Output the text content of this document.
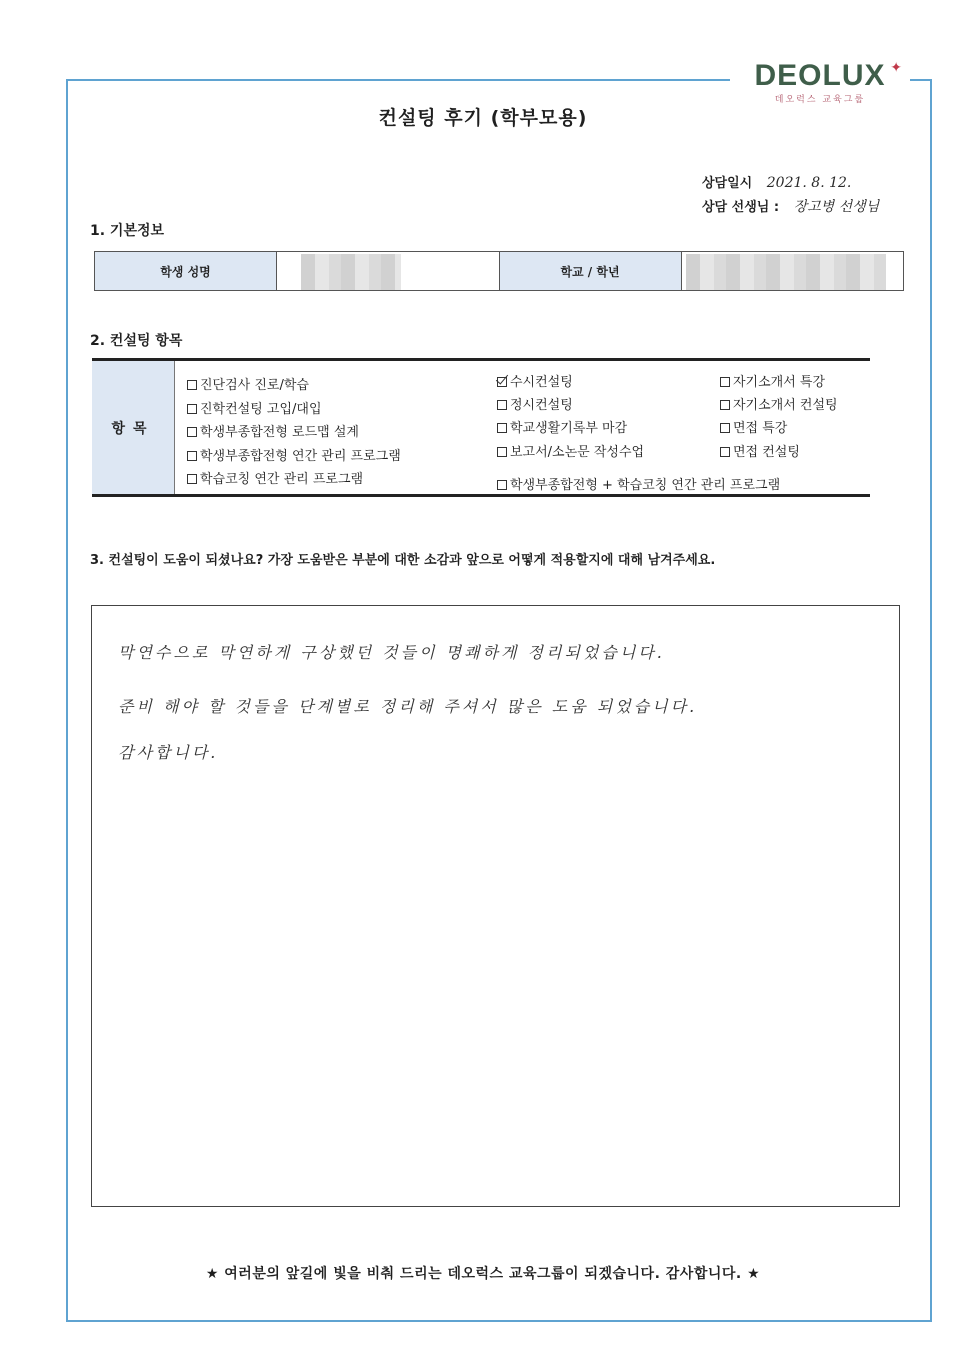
DEOLUX ✦
데오럭스 교육그룹
컨설팅 후기 (학부모용)
상담일시 2021. 8. 12.
상담 선생님 : 장고병 선생님
1. 기본정보
학생 성명	학교 / 학년
2. 컨설팅 항목
항목
진단검사 진로/학습
진학컨설팅 고입/대입
학생부종합전형 로드맵 설계
학생부종합전형 연간 관리 프로그램
학습코칭 연간 관리 프로그램
수시컨설팅
정시컨설팅
학교생활기록부 마감
보고서/소논문 작성수업
학생부종합전형 + 학습코칭 연간 관리 프로그램
자기소개서 특강
자기소개서 컨설팅
면접 특강
면접 컨설팅
3. 컨설팅이 도움이 되셨나요? 가장 도움받은 부분에 대한 소감과 앞으로 어떻게 적용할지에 대해 남겨주세요.
막연수으로 막연하게 구상했던 것들이 명쾌하게 정리되었습니다.
준비 해야 할 것들을 단계별로 정리해 주셔서 많은 도움 되었습니다.
감사합니다.
★ 여러분의 앞길에 빛을 비춰 드리는 데오럭스 교육그룹이 되겠습니다. 감사합니다. ★
